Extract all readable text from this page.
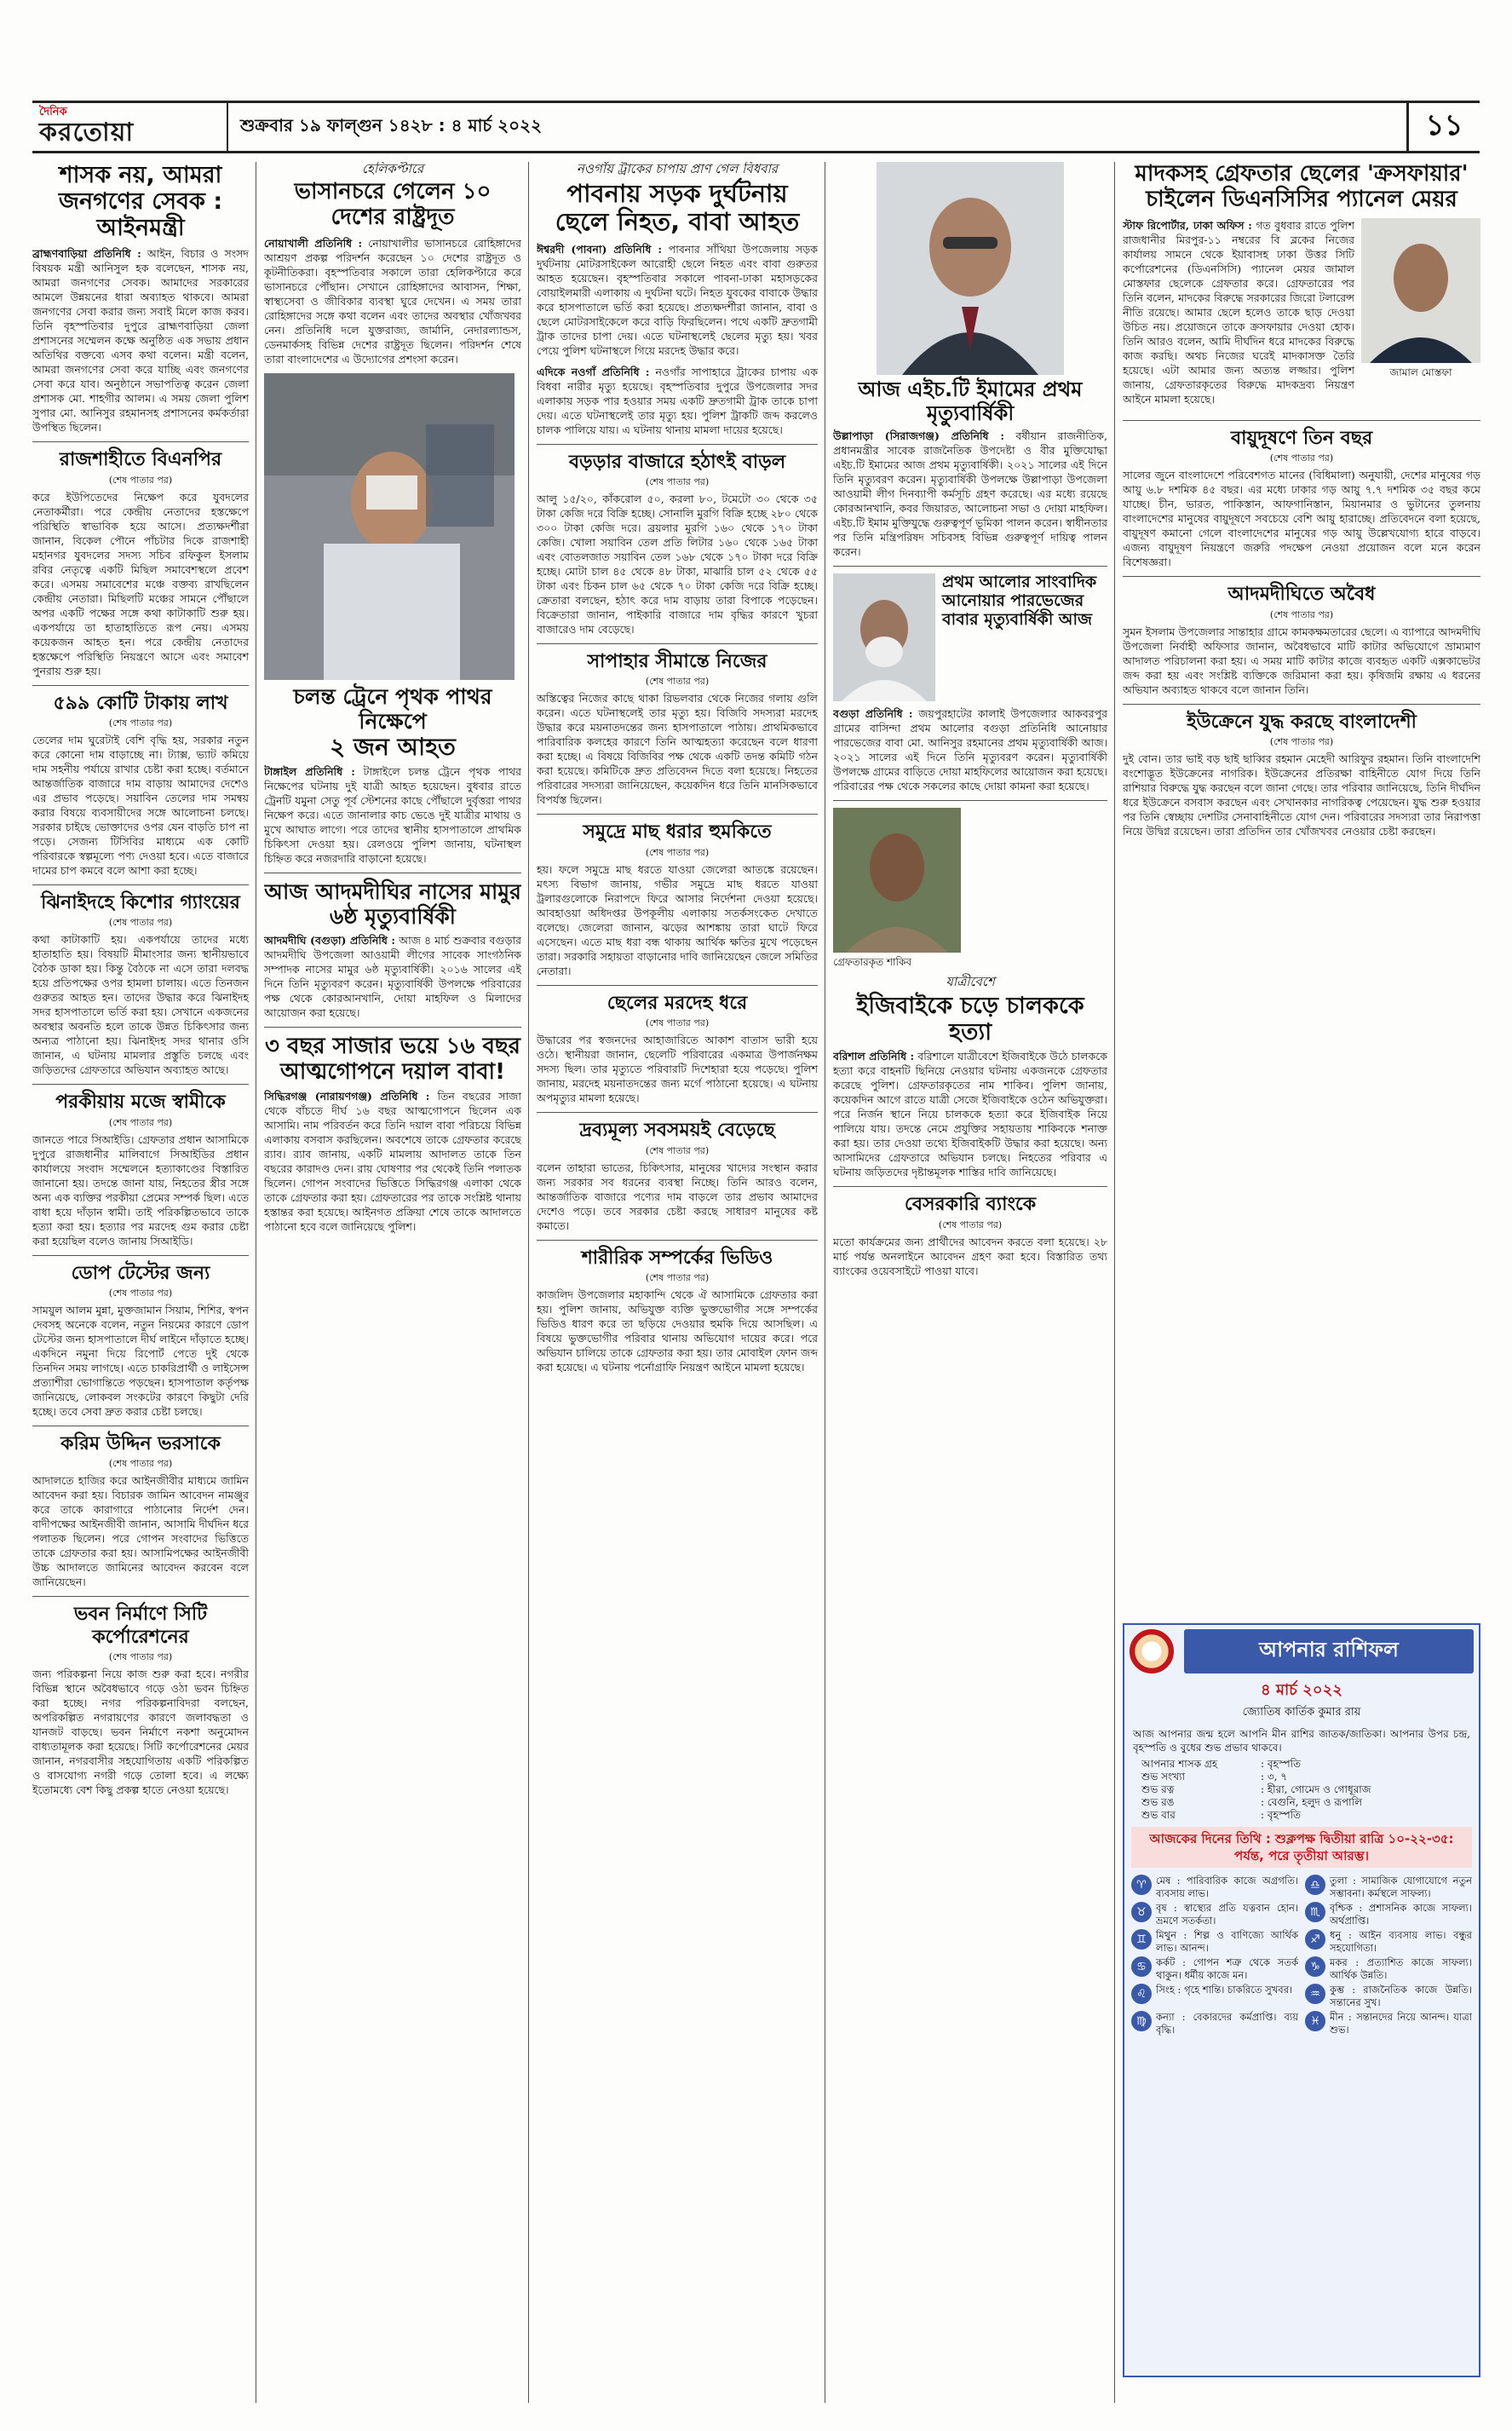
দৈনিক
করতোয়া	শুক্রবার ১৯ ফাল্গুন ১৪২৮ : ৪ মার্চ ২০২২	১১
শাসক নয়, আমরা জনগণের সেবক : আইনমন্ত্রী
ব্রাহ্মণবাড়িয়া প্রতিনিধি : আইন, বিচার ও সংসদ বিষয়ক মন্ত্রী আনিসুল হক বলেছেন, শাসক নয়, আমরা জনগণের সেবক। আমাদের সরকারের আমলে উন্নয়নের ধারা অব্যাহত থাকবে। আমরা জনগণের সেবা করার জন্য সবাই মিলে কাজ করব। তিনি বৃহস্পতিবার দুপুরে ব্রাহ্মণবাড়িয়া জেলা প্রশাসনের সম্মেলন কক্ষে অনুষ্ঠিত এক সভায় প্রধান অতিথির বক্তব্যে এসব কথা বলেন। মন্ত্রী বলেন, আমরা জনগণের সেবা করে যাচ্ছি এবং জনগণের সেবা করে যাব। অনুষ্ঠানে সভাপতিত্ব করেন জেলা প্রশাসক মো. শাহগীর আলম। এ সময় জেলা পুলিশ সুপার মো. আনিসুর রহমানসহ প্রশাসনের কর্মকর্তারা উপস্থিত ছিলেন।
রাজশাহীতে বিএনপির
(শেষ পাতার পর)
করে ইউপিতেদের নিক্ষেপ করে যুবদলের নেতাকর্মীরা। পরে কেন্দ্রীয় নেতাদের হস্তক্ষেপে পরিস্থিতি স্বাভাবিক হয়ে আসে। প্রত্যক্ষদর্শীরা জানান, বিকেল পৌনে পাঁচটার দিকে রাজশাহী মহানগর যুবদলের সদস্য সচিব রফিকুল ইসলাম রবির নেতৃত্বে একটি মিছিল সমাবেশস্থলে প্রবেশ করে। এসময় সমাবেশের মঞ্চে বক্তব্য রাখছিলেন কেন্দ্রীয় নেতারা। মিছিলটি মঞ্চের সামনে পৌঁছালে অপর একটি পক্ষের সঙ্গে কথা কাটাকাটি শুরু হয়। একপর্যায়ে তা হাতাহাতিতে রূপ নেয়। এসময় কয়েকজন আহত হন। পরে কেন্দ্রীয় নেতাদের হস্তক্ষেপে পরিস্থিতি নিয়ন্ত্রণে আসে এবং সমাবেশ পুনরায় শুরু হয়।
৫৯৯ কোটি টাকায় লাখ
(শেষ পাতার পর)
তেলের দাম ঘুরেটাই বেশি বৃদ্ধি হয়, সরকার নতুন করে কোনো দাম বাড়াচ্ছে না। ট্যাক্স, ভ্যাট কমিয়ে দাম সহনীয় পর্যায়ে রাখার চেষ্টা করা হচ্ছে। বর্তমানে আন্তর্জাতিক বাজারে দাম বাড়ায় আমাদের দেশেও এর প্রভাব পড়েছে। সয়াবিন তেলের দাম সমন্বয় করার বিষয়ে ব্যবসায়ীদের সঙ্গে আলোচনা চলছে। সরকার চাইছে ভোক্তাদের ওপর যেন বাড়তি চাপ না পড়ে। সেজন্য টিসিবির মাধ্যমে এক কোটি পরিবারকে স্বল্পমূল্যে পণ্য দেওয়া হবে। এতে বাজারে দামের চাপ কমবে বলে আশা করা হচ্ছে।
ঝিনাইদহে কিশোর গ্যাংয়ের
(শেষ পাতার পর)
কথা কাটাকাটি হয়। একপর্যায়ে তাদের মধ্যে হাতাহাতি হয়। বিষয়টি মীমাংসার জন্য স্থানীয়ভাবে বৈঠক ডাকা হয়। কিন্তু বৈঠকে না এসে তারা দলবদ্ধ হয়ে প্রতিপক্ষের ওপর হামলা চালায়। এতে তিনজন গুরুতর আহত হন। তাদের উদ্ধার করে ঝিনাইদহ সদর হাসপাতালে ভর্তি করা হয়। সেখানে একজনের অবস্থার অবনতি হলে তাকে উন্নত চিকিৎসার জন্য অন্যত্র পাঠানো হয়। ঝিনাইদহ সদর থানার ওসি জানান, এ ঘটনায় মামলার প্রস্তুতি চলছে এবং জড়িতদের গ্রেফতারে অভিযান অব্যাহত আছে।
পরকীয়ায় মজে স্বামীকে
(শেষ পাতার পর)
জানতে পারে সিআইডি। গ্রেফতার প্রধান আসামিকে দুপুরে রাজধানীর মালিবাগে সিআইডির প্রধান কার্যালয়ে সংবাদ সম্মেলনে হত্যাকাণ্ডের বিস্তারিত জানানো হয়। তদন্তে জানা যায়, নিহতের স্ত্রীর সঙ্গে অন্য এক ব্যক্তির পরকীয়া প্রেমের সম্পর্ক ছিল। এতে বাধা হয়ে দাঁড়ান স্বামী। তাই পরিকল্পিতভাবে তাকে হত্যা করা হয়। হত্যার পর মরদেহ গুম করার চেষ্টা করা হয়েছিল বলেও জানায় সিআইডি।
ডোপ টেস্টের জন্য
(শেষ পাতার পর)
সাময়ুল আলম মুন্না, মুক্তজামান সিয়াম, শিশির, স্বপন দেবসহ অনেকে বলেন, নতুন নিয়মের কারণে ডোপ টেস্টের জন্য হাসপাতালে দীর্ঘ লাইনে দাঁড়াতে হচ্ছে। একদিনে নমুনা দিয়ে রিপোর্ট পেতে দুই থেকে তিনদিন সময় লাগছে। এতে চাকরিপ্রার্থী ও লাইসেন্স প্রত্যাশীরা ভোগান্তিতে পড়ছেন। হাসপাতাল কর্তৃপক্ষ জানিয়েছে, লোকবল সংকটের কারণে কিছুটা দেরি হচ্ছে। তবে সেবা দ্রুত করার চেষ্টা চলছে।
করিম উদ্দিন ভরসাকে
(শেষ পাতার পর)
আদালতে হাজির করে আইনজীবীর মাধ্যমে জামিন আবেদন করা হয়। বিচারক জামিন আবেদন নামঞ্জুর করে তাকে কারাগারে পাঠানোর নির্দেশ দেন। বাদীপক্ষের আইনজীবী জানান, আসামি দীর্ঘদিন ধরে পলাতক ছিলেন। পরে গোপন সংবাদের ভিত্তিতে তাকে গ্রেফতার করা হয়। আসামিপক্ষের আইনজীবী উচ্চ আদালতে জামিনের আবেদন করবেন বলে জানিয়েছেন।
ভবন নির্মাণে সিটি কর্পোরেশনের
(শেষ পাতার পর)
জন্য পরিকল্পনা নিয়ে কাজ শুরু করা হবে। নগরীর বিভিন্ন স্থানে অবৈধভাবে গড়ে ওঠা ভবন চিহ্নিত করা হচ্ছে। নগর পরিকল্পনাবিদরা বলছেন, অপরিকল্পিত নগরায়ণের কারণে জলাবদ্ধতা ও যানজট বাড়ছে। ভবন নির্মাণে নকশা অনুমোদন বাধ্যতামূলক করা হয়েছে। সিটি কর্পোরেশনের মেয়র জানান, নগরবাসীর সহযোগিতায় একটি পরিকল্পিত ও বাসযোগ্য নগরী গড়ে তোলা হবে। এ লক্ষ্যে ইতোমধ্যে বেশ কিছু প্রকল্প হাতে নেওয়া হয়েছে।
হেলিকপ্টারে
ভাসানচরে গেলেন ১০ দেশের রাষ্ট্রদূত
নোয়াখালী প্রতিনিধি : নোয়াখালীর ভাসানচরে রোহিঙ্গাদের আশ্রয়ণ প্রকল্প পরিদর্শন করেছেন ১০ দেশের রাষ্ট্রদূত ও কূটনীতিকরা। বৃহস্পতিবার সকালে তারা হেলিকপ্টারে করে ভাসানচরে পৌঁছান। সেখানে রোহিঙ্গাদের আবাসন, শিক্ষা, স্বাস্থ্যসেবা ও জীবিকার ব্যবস্থা ঘুরে দেখেন। এ সময় তারা রোহিঙ্গাদের সঙ্গে কথা বলেন এবং তাদের অবস্থার খোঁজখবর নেন। প্রতিনিধি দলে যুক্তরাজ্য, জার্মানি, নেদারল্যান্ডস, ডেনমার্কসহ বিভিন্ন দেশের রাষ্ট্রদূত ছিলেন। পরিদর্শন শেষে তারা বাংলাদেশের এ উদ্যোগের প্রশংসা করেন।
চলন্ত ট্রেনে পৃথক পাথর নিক্ষেপে
২ জন আহত
টাঙ্গাইল প্রতিনিধি : টাঙ্গাইলে চলন্ত ট্রেনে পৃথক পাথর নিক্ষেপের ঘটনায় দুই যাত্রী আহত হয়েছেন। বুধবার রাতে ট্রেনটি যমুনা সেতু পূর্ব স্টেশনের কাছে পৌঁছালে দুর্বৃত্তরা পাথর নিক্ষেপ করে। এতে জানালার কাচ ভেঙে দুই যাত্রীর মাথায় ও মুখে আঘাত লাগে। পরে তাদের স্থানীয় হাসপাতালে প্রাথমিক চিকিৎসা দেওয়া হয়। রেলওয়ে পুলিশ জানায়, ঘটনাস্থল চিহ্নিত করে নজরদারি বাড়ানো হয়েছে।
আজ আদমদীঘির নাসের মামুর ৬ষ্ঠ মৃত্যুবার্ষিকী
আদমদীঘি (বগুড়া) প্রতিনিধি : আজ ৪ মার্চ শুক্রবার বগুড়ার আদমদীঘি উপজেলা আওয়ামী লীগের সাবেক সাংগঠনিক সম্পাদক নাসের মামুর ৬ষ্ঠ মৃত্যুবার্ষিকী। ২০১৬ সালের এই দিনে তিনি মৃত্যুবরণ করেন। মৃত্যুবার্ষিকী উপলক্ষে পরিবারের পক্ষ থেকে কোরআনখানি, দোয়া মাহফিল ও মিলাদের আয়োজন করা হয়েছে।
৩ বছর সাজার ভয়ে ১৬ বছর আত্মগোপনে দয়াল বাবা!
সিদ্ধিরগঞ্জ (নারায়ণগঞ্জ) প্রতিনিধি : তিন বছরের সাজা থেকে বাঁচতে দীর্ঘ ১৬ বছর আত্মগোপনে ছিলেন এক আসামি। নাম পরিবর্তন করে তিনি দয়াল বাবা পরিচয়ে বিভিন্ন এলাকায় বসবাস করছিলেন। অবশেষে তাকে গ্রেফতার করেছে র‌্যাব। র‌্যাব জানায়, একটি মামলায় আদালত তাকে তিন বছরের কারাদণ্ড দেন। রায় ঘোষণার পর থেকেই তিনি পলাতক ছিলেন। গোপন সংবাদের ভিত্তিতে সিদ্ধিরগঞ্জ এলাকা থেকে তাকে গ্রেফতার করা হয়। গ্রেফতারের পর তাকে সংশ্লিষ্ট থানায় হস্তান্তর করা হয়েছে। আইনগত প্রক্রিয়া শেষে তাকে আদালতে পাঠানো হবে বলে জানিয়েছে পুলিশ।
নওগাঁয় ট্রাকের চাপায় প্রাণ গেল বিধবার
পাবনায় সড়ক দুর্ঘটনায় ছেলে নিহত, বাবা আহত
ঈশ্বরদী (পাবনা) প্রতিনিধি : পাবনার সাঁথিয়া উপজেলায় সড়ক দুর্ঘটনায় মোটরসাইকেল আরোহী ছেলে নিহত এবং বাবা গুরুতর আহত হয়েছেন। বৃহস্পতিবার সকালে পাবনা-ঢাকা মহাসড়কের বোয়াইলমারী এলাকায় এ দুর্ঘটনা ঘটে। নিহত যুবকের বাবাকে উদ্ধার করে হাসপাতালে ভর্তি করা হয়েছে। প্রত্যক্ষদর্শীরা জানান, বাবা ও ছেলে মোটরসাইকেলে করে বাড়ি ফিরছিলেন। পথে একটি দ্রুতগামী ট্রাক তাদের চাপা দেয়। এতে ঘটনাস্থলেই ছেলের মৃত্যু হয়। খবর পেয়ে পুলিশ ঘটনাস্থলে গিয়ে মরদেহ উদ্ধার করে।
এদিকে নওগাঁ প্রতিনিধি : নওগাঁর সাপাহারে ট্রাকের চাপায় এক বিধবা নারীর মৃত্যু হয়েছে। বৃহস্পতিবার দুপুরে উপজেলার সদর এলাকায় সড়ক পার হওয়ার সময় একটি দ্রুতগামী ট্রাক তাকে চাপা দেয়। এতে ঘটনাস্থলেই তার মৃত্যু হয়। পুলিশ ট্রাকটি জব্দ করলেও চালক পালিয়ে যায়। এ ঘটনায় থানায় মামলা দায়ের হয়েছে।
বড়ড়ার বাজারে হঠাৎই বাড়ল
(শেষ পাতার পর)
আলু ১৫/২০, কাঁকরোল ৫০, করলা ৮০, টমেটো ৩০ থেকে ৩৫ টাকা কেজি দরে বিক্রি হচ্ছে। সোনালি মুরগি বিক্রি হচ্ছে ২৮০ থেকে ৩০০ টাকা কেজি দরে। ব্রয়লার মুরগি ১৬০ থেকে ১৭০ টাকা কেজি। খোলা সয়াবিন তেল প্রতি লিটার ১৬০ থেকে ১৬৫ টাকা এবং বোতলজাত সয়াবিন তেল ১৬৮ থেকে ১৭০ টাকা দরে বিক্রি হচ্ছে। মোটা চাল ৪৫ থেকে ৪৮ টাকা, মাঝারি চাল ৫২ থেকে ৫৫ টাকা এবং চিকন চাল ৬৫ থেকে ৭০ টাকা কেজি দরে বিক্রি হচ্ছে। ক্রেতারা বলছেন, হঠাৎ করে দাম বাড়ায় তারা বিপাকে পড়েছেন। বিক্রেতারা জানান, পাইকারি বাজারে দাম বৃদ্ধির কারণে খুচরা বাজারেও দাম বেড়েছে।
সাপাহার সীমান্তে নিজের
(শেষ পাতার পর)
অস্তিত্বের নিজের কাছে থাকা রিভলবার থেকে নিজের গলায় গুলি করেন। এতে ঘটনাস্থলেই তার মৃত্যু হয়। বিজিবি সদস্যরা মরদেহ উদ্ধার করে ময়নাতদন্তের জন্য হাসপাতালে পাঠায়। প্রাথমিকভাবে পারিবারিক কলহের কারণে তিনি আত্মহত্যা করেছেন বলে ধারণা করা হচ্ছে। এ বিষয়ে বিজিবির পক্ষ থেকে একটি তদন্ত কমিটি গঠন করা হয়েছে। কমিটিকে দ্রুত প্রতিবেদন দিতে বলা হয়েছে। নিহতের পরিবারের সদস্যরা জানিয়েছেন, কয়েকদিন ধরে তিনি মানসিকভাবে বিপর্যস্ত ছিলেন।
সমুদ্রে মাছ ধরার হুমকিতে
(শেষ পাতার পর)
হয়। ফলে সমুদ্রে মাছ ধরতে যাওয়া জেলেরা আতঙ্কে রয়েছেন। মৎস্য বিভাগ জানায়, গভীর সমুদ্রে মাছ ধরতে যাওয়া ট্রলারগুলোকে নিরাপদে ফিরে আসার নির্দেশনা দেওয়া হয়েছে। আবহাওয়া অধিদপ্তর উপকূলীয় এলাকায় সতর্কসংকেত দেখাতে বলেছে। জেলেরা জানান, ঝড়ের আশঙ্কায় তারা ঘাটে ফিরে এসেছেন। এতে মাছ ধরা বন্ধ থাকায় আর্থিক ক্ষতির মুখে পড়েছেন তারা। সরকারি সহায়তা বাড়ানোর দাবি জানিয়েছেন জেলে সমিতির নেতারা।
ছেলের মরদেহ ধরে
(শেষ পাতার পর)
উদ্ধারের পর স্বজনদের আহাজারিতে আকাশ বাতাস ভারী হয়ে ওঠে। স্থানীয়রা জানান, ছেলেটি পরিবারের একমাত্র উপার্জনক্ষম সদস্য ছিল। তার মৃত্যুতে পরিবারটি দিশেহারা হয়ে পড়েছে। পুলিশ জানায়, মরদেহ ময়নাতদন্তের জন্য মর্গে পাঠানো হয়েছে। এ ঘটনায় অপমৃত্যুর মামলা হয়েছে।
দ্রব্যমূল্য সবসময়ই বেড়েছে
(শেষ পাতার পর)
বলেন তাহারা ভাতের, চিকিৎসার, মানুষের খাদ্যের সংস্থান করার জন্য সরকার সব ধরনের ব্যবস্থা নিচ্ছে। তিনি আরও বলেন, আন্তর্জাতিক বাজারে পণ্যের দাম বাড়লে তার প্রভাব আমাদের দেশেও পড়ে। তবে সরকার চেষ্টা করছে সাধারণ মানুষের কষ্ট কমাতে।
শারীরিক সম্পর্কের ভিডিও
(শেষ পাতার পর)
কাজলিদ উপজেলার মহাকান্দি থেকে ঐ আসামিকে গ্রেফতার করা হয়। পুলিশ জানায়, অভিযুক্ত ব্যক্তি ভুক্তভোগীর সঙ্গে সম্পর্কের ভিডিও ধারণ করে তা ছড়িয়ে দেওয়ার হুমকি দিয়ে আসছিল। এ বিষয়ে ভুক্তভোগীর পরিবার থানায় অভিযোগ দায়ের করে। পরে অভিযান চালিয়ে তাকে গ্রেফতার করা হয়। তার মোবাইল ফোন জব্দ করা হয়েছে। এ ঘটনায় পর্নোগ্রাফি নিয়ন্ত্রণ আইনে মামলা হয়েছে।
আজ এইচ.টি ইমামের প্রথম মৃত্যুবার্ষিকী
উল্লাপাড়া (সিরাজগঞ্জ) প্রতিনিধি : বর্ষীয়ান রাজনীতিক, প্রধানমন্ত্রীর সাবেক রাজনৈতিক উপদেষ্টা ও বীর মুক্তিযোদ্ধা এইচ.টি ইমামের আজ প্রথম মৃত্যুবার্ষিকী। ২০২১ সালের এই দিনে তিনি মৃত্যুবরণ করেন। মৃত্যুবার্ষিকী উপলক্ষে উল্লাপাড়া উপজেলা আওয়ামী লীগ দিনব্যাপী কর্মসূচি গ্রহণ করেছে। এর মধ্যে রয়েছে কোরআনখানি, কবর জিয়ারত, আলোচনা সভা ও দোয়া মাহফিল। এইচ.টি ইমাম মুক্তিযুদ্ধে গুরুত্বপূর্ণ ভূমিকা পালন করেন। স্বাধীনতার পর তিনি মন্ত্রিপরিষদ সচিবসহ বিভিন্ন গুরুত্বপূর্ণ দায়িত্ব পালন করেন।
প্রথম আলোর সাংবাদিক আনোয়ার পারভেজের বাবার মৃত্যুবার্ষিকী আজ
বগুড়া প্রতিনিধি : জয়পুরহাটের কালাই উপজেলার আকবরপুর গ্রামের বাসিন্দা প্রথম আলোর বগুড়া প্রতিনিধি আনোয়ার পারভেজের বাবা মো. আনিসুর রহমানের প্রথম মৃত্যুবার্ষিকী আজ। ২০২১ সালের এই দিনে তিনি মৃত্যুবরণ করেন। মৃত্যুবার্ষিকী উপলক্ষে গ্রামের বাড়িতে দোয়া মাহফিলের আয়োজন করা হয়েছে। পরিবারের পক্ষ থেকে সকলের কাছে দোয়া কামনা করা হয়েছে।
গ্রেফতারকৃত শাকিব
যাত্রীবেশে
ইজিবাইকে চড়ে চালককে হত্যা
বরিশাল প্রতিনিধি : বরিশালে যাত্রীবেশে ইজিবাইকে উঠে চালককে হত্যা করে বাহনটি ছিনিয়ে নেওয়ার ঘটনায় একজনকে গ্রেফতার করেছে পুলিশ। গ্রেফতারকৃতের নাম শাকিব। পুলিশ জানায়, কয়েকদিন আগে রাতে যাত্রী সেজে ইজিবাইকে ওঠেন অভিযুক্তরা। পরে নির্জন স্থানে নিয়ে চালককে হত্যা করে ইজিবাইক নিয়ে পালিয়ে যায়। তদন্তে নেমে প্রযুক্তির সহায়তায় শাকিবকে শনাক্ত করা হয়। তার দেওয়া তথ্যে ইজিবাইকটি উদ্ধার করা হয়েছে। অন্য আসামিদের গ্রেফতারে অভিযান চলছে। নিহতের পরিবার এ ঘটনায় জড়িতদের দৃষ্টান্তমূলক শাস্তির দাবি জানিয়েছে।
বেসরকারি ব্যাংকে
(শেষ পাতার পর)
মতো কার্যক্রমের জন্য প্রার্থীদের আবেদন করতে বলা হয়েছে। ২৮ মার্চ পর্যন্ত অনলাইনে আবেদন গ্রহণ করা হবে। বিস্তারিত তথ্য ব্যাংকের ওয়েবসাইটে পাওয়া যাবে।
মাদকসহ গ্রেফতার ছেলের 'ক্রসফায়ার' চাইলেন ডিএনসিসির প্যানেল মেয়র
স্টাফ রিপোর্টার, ঢাকা অফিস : গত বুধবার রাতে পুলিশ রাজধানীর মিরপুর-১১ নম্বরের বি ব্লকের নিজের কার্যালয় সামনে থেকে ইয়াবাসহ ঢাকা উত্তর সিটি কর্পোরেশনের (ডিএনসিসি) প্যানেল মেয়র জামাল মোস্তফার ছেলেকে গ্রেফতার করে। গ্রেফতারের পর তিনি বলেন, মাদকের বিরুদ্ধে সরকারের জিরো টলারেন্স নীতি রয়েছে। আমার ছেলে হলেও তাকে ছাড় দেওয়া উচিত নয়। প্রয়োজনে তাকে ক্রসফায়ার দেওয়া হোক। তিনি আরও বলেন, আমি দীর্ঘদিন ধরে মাদকের বিরুদ্ধে কাজ করছি। অথচ নিজের ঘরেই মাদকাসক্ত তৈরি হয়েছে। এটা আমার জন্য অত্যন্ত লজ্জার। পুলিশ জানায়, গ্রেফতারকৃতের বিরুদ্ধে মাদকদ্রব্য নিয়ন্ত্রণ আইনে মামলা হয়েছে।
জামাল মোস্তফা
বায়ুদূষণে তিন বছর
(শেষ পাতার পর)
সালের জুনে বাংলাদেশে পরিবেশগত মানের (বিধিমালা) অনুযায়ী, দেশের মানুষের গড় আয়ু ৬.৮ দশমিক ৪৫ বছর। এর মধ্যে ঢাকার গড় আয়ু ৭.৭ দশমিক ৩৫ বছর কমে যাচ্ছে। চীন, ভারত, পাকিস্তান, আফগানিস্তান, মিয়ানমার ও ভুটানের তুলনায় বাংলাদেশের মানুষের বায়ুদূষণে সবচেয়ে বেশি আয়ু হারাচ্ছে। প্রতিবেদনে বলা হয়েছে, বায়ুদূষণ কমানো গেলে বাংলাদেশের মানুষের গড় আয়ু উল্লেখযোগ্য হারে বাড়বে। এজন্য বায়ুদূষণ নিয়ন্ত্রণে জরুরি পদক্ষেপ নেওয়া প্রয়োজন বলে মনে করেন বিশেষজ্ঞরা।
আদমদীঘিতে অবৈধ
(শেষ পাতার পর)
সুমন ইসলাম উপজেলার সান্তাহার গ্রামে কামকক্ষমতারের ছেলে। এ ব্যাপারে আদমদীঘি উপজেলা নির্বাহী অফিসার জানান, অবৈধভাবে মাটি কাটার অভিযোগে ভ্রাম্যমাণ আদালত পরিচালনা করা হয়। এ সময় মাটি কাটার কাজে ব্যবহৃত একটি এক্সকাভেটর জব্দ করা হয় এবং সংশ্লিষ্ট ব্যক্তিকে জরিমানা করা হয়। কৃষিজমি রক্ষায় এ ধরনের অভিযান অব্যাহত থাকবে বলে জানান তিনি।
ইউক্রেনে যুদ্ধ করছে বাংলাদেশী
(শেষ পাতার পর)
দুই বোন। তার ভাই বড় ছাই ছাব্বির রহমান মেহেদী আরিফুর রহমান। তিনি বাংলাদেশি বংশোদ্ভূত ইউক্রেনের নাগরিক। ইউক্রেনের প্রতিরক্ষা বাহিনীতে যোগ দিয়ে তিনি রাশিয়ার বিরুদ্ধে যুদ্ধ করছেন বলে জানা গেছে। তার পরিবার জানিয়েছে, তিনি দীর্ঘদিন ধরে ইউক্রেনে বসবাস করছেন এবং সেখানকার নাগরিকত্ব পেয়েছেন। যুদ্ধ শুরু হওয়ার পর তিনি স্বেচ্ছায় দেশটির সেনাবাহিনীতে যোগ দেন। পরিবারের সদস্যরা তার নিরাপত্তা নিয়ে উদ্বিগ্ন রয়েছেন। তারা প্রতিদিন তার খোঁজখবর নেওয়ার চেষ্টা করছেন।
আপনার রাশিফল
৪ মার্চ ২০২২
জ্যোতিষ কার্তিক কুমার রায়
আজ আপনার জন্ম হলে আপনি মীন রাশির জাতক/জাতিকা। আপনার উপর চন্দ্র, বৃহস্পতি ও বুধের শুভ প্রভাব থাকবে।
আপনার শাসক গ্রহ	: বৃহস্পতি
শুভ সংখ্যা	: ৩, ৭
শুভ রত্ন	: হীরা, গোমেদ ও গোধূরাজ
শুভ রঙ	: বেগুনি, হলুদ ও রূপালি
শুভ বার	: বৃহস্পতি
আজকের দিনের তিথি : শুক্লপক্ষ দ্বিতীয়া রাত্রি ১০-২২-৩৫: পর্যন্ত, পরে তৃতীয়া আরম্ভ।
♈ মেষ : পারিবারিক কাজে অগ্রগতি। ব্যবসায় লাভ।
♎ তুলা : সামাজিক যোগাযোগে নতুন সম্ভাবনা। কর্মস্থলে সাফল্য।
♉ বৃষ : স্বাস্থ্যের প্রতি যত্নবান হোন। ভ্রমণে সতর্কতা।
♏ বৃশ্চিক : প্রশাসনিক কাজে সাফল্য। অর্থপ্রাপ্তি।
♊ মিথুন : শিল্প ও বাণিজ্যে আর্থিক লাভ। আনন্দ।
♐ ধনু : আইন ব্যবসায় লাভ। বন্ধুর সহযোগিতা।
♋ কর্কট : গোপন শত্রু থেকে সতর্ক থাকুন। ধর্মীয় কাজে মন।
♑ মকর : প্রত্যাশিত কাজে সাফল্য। আর্থিক উন্নতি।
♌ সিংহ : গৃহে শান্তি। চাকরিতে সুখবর।	♒ কুম্ভ : রাজনৈতিক কাজে উন্নতি। সন্তানের সুখ।
♍ কন্যা : বেকারদের কর্মপ্রাপ্তি। ব্যয় বৃদ্ধি।
♓ মীন : সন্তানদের নিয়ে আনন্দ। যাত্রা শুভ।
